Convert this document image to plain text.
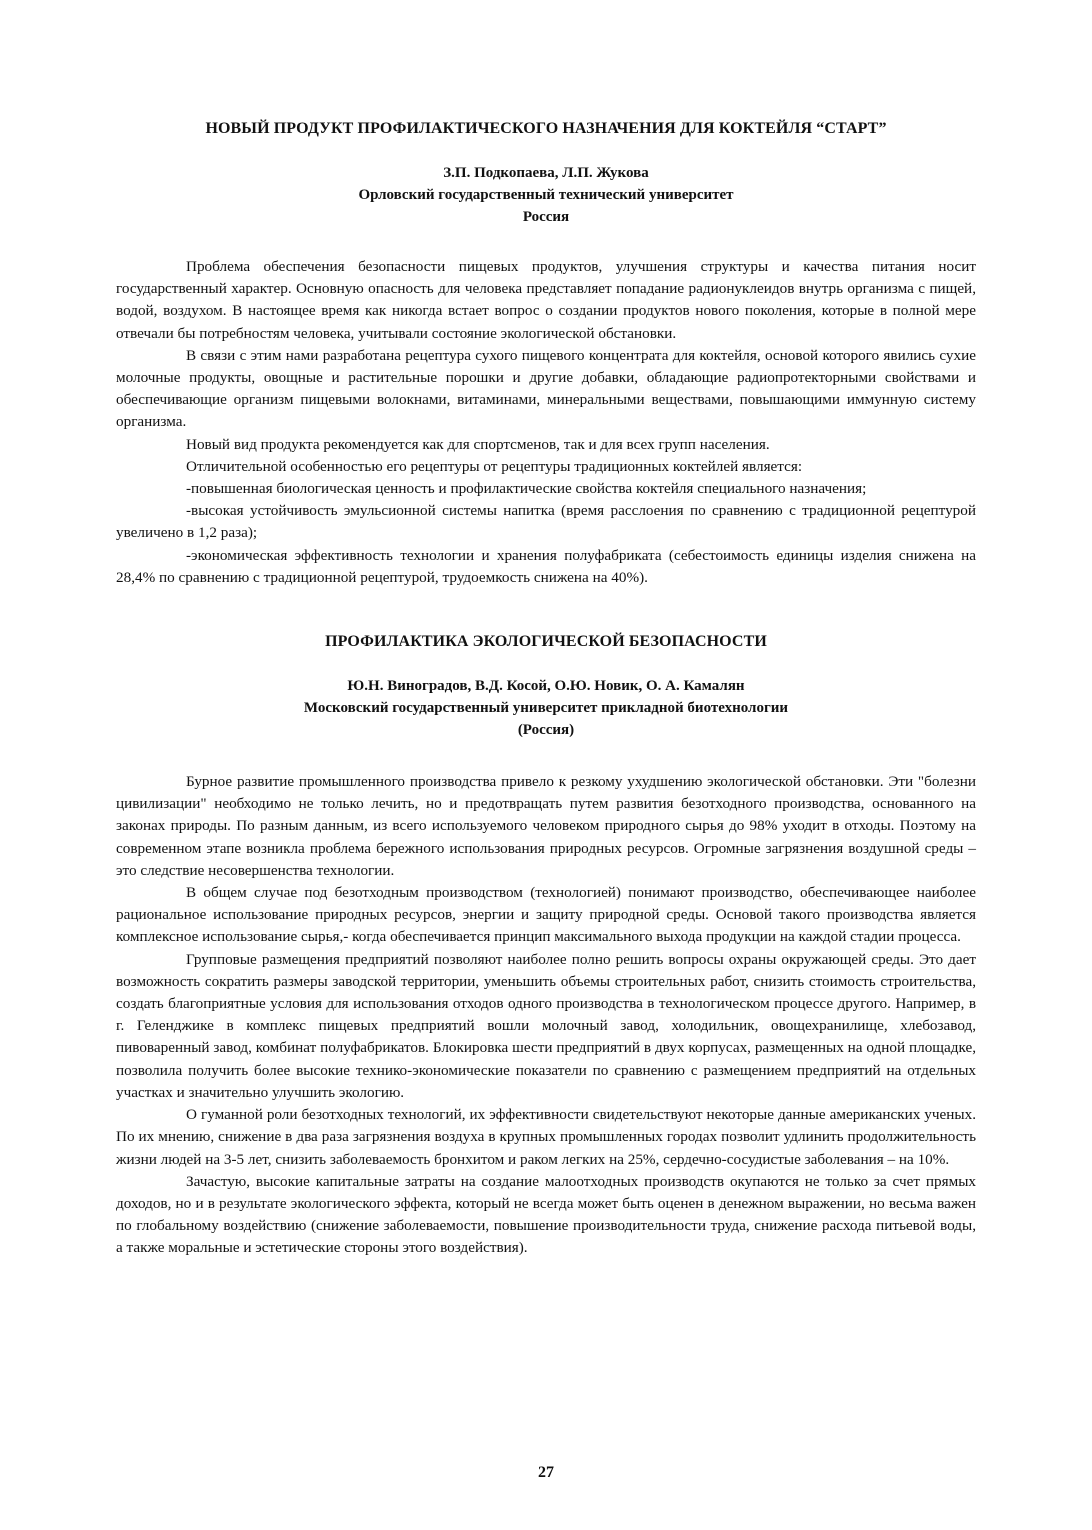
НОВЫЙ ПРОДУКТ ПРОФИЛАКТИЧЕСКОГО НАЗНАЧЕНИЯ ДЛЯ КОКТЕЙЛЯ “СТАРТ”

З.П. Подкопаева, Л.П. Жукова

Орловский государственный технический университет

Россия

Проблема обеспечения безопасности пищевых продуктов, улучшения структуры и качества питания носит государственный характер. Основную опасность для человека представляет попадание радионуклеидов внутрь организма с пищей, водой, воздухом. В настоящее время как никогда встает вопрос о создании продуктов нового поколения, которые в полной мере отвечали бы потребностям человека, учитывали состояние экологической обстановки.

В связи с этим нами разработана рецептура сухого пищевого концентрата для коктейля, основой которого явились сухие молочные продукты, овощные и растительные порошки и другие добавки, обладающие радиопротекторными свойствами и обеспечивающие организм пищевыми волокнами, витаминами, минеральными веществами, повышающими иммунную систему организма.

Новый вид продукта рекомендуется как для спортсменов, так и для всех групп населения.

Отличительной особенностью его рецептуры от рецептуры традиционных коктейлей является:

-повышенная биологическая ценность и профилактические свойства коктейля специального назначения;

-высокая устойчивость эмульсионной системы напитка (время расслоения по сравнению с традиционной рецептурой увеличено в 1,2 раза);

-экономическая эффективность технологии и хранения полуфабриката (себестоимость единицы изделия снижена на 28,4% по сравнению с традиционной рецептурой, трудоемкость снижена на 40%).

ПРОФИЛАКТИКА ЭКОЛОГИЧЕСКОЙ БЕЗОПАСНОСТИ

Ю.Н. Виноградов, В.Д. Косой, О.Ю. Новик, О. А. Камалян

Московский государственный университет прикладной биотехнологии

(Россия)

Бурное развитие промышленного производства привело к резкому ухудшению экологической обстановки. Эти "болезни цивилизации" необходимо не только лечить, но и предотвращать путем развития безотходного производства, основанного на законах природы. По разным данным, из всего используемого человеком природного сырья до 98% уходит в отходы. Поэтому на современном этапе возникла проблема бережного использования природных ресурсов. Огромные загрязнения воздушной среды – это следствие несовершенства технологии.

В общем случае под безотходным производством (технологией) понимают производство, обеспечивающее наиболее рациональное использование природных ресурсов, энергии и защиту природной среды. Основой такого производства является комплексное использование сырья,- когда обеспечивается принцип максимального выхода продукции на каждой стадии процесса.

Групповые размещения предприятий позволяют наиболее полно решить вопросы охраны окружающей среды. Это дает возможность сократить размеры заводской территории, уменьшить объемы строительных работ, снизить стоимость строительства, создать благоприятные условия для использования отходов одного производства в технологическом процессе другого. Например, в г. Геленджике в комплекс пищевых предприятий вошли молочный завод, холодильник, овощехранилище, хлебозавод, пивоваренный завод, комбинат полуфабрикатов. Блокировка шести предприятий в двух корпусах, размещенных на одной площадке, позволила получить более высокие технико-экономические показатели по сравнению с размещением предприятий на отдельных участках и значительно улучшить экологию.

О гуманной роли безотходных технологий, их эффективности свидетельствуют некоторые данные американских ученых. По их мнению, снижение в два раза загрязнения воздуха в крупных промышленных городах позволит удлинить продолжительность жизни людей на 3-5 лет, снизить заболеваемость бронхитом и раком легких на 25%, сердечно-сосудистые заболевания – на 10%.

Зачастую, высокие капитальные затраты на создание малоотходных производств окупаются не только за счет прямых доходов, но и в результате экологического эффекта, который не всегда может быть оценен в денежном выражении, но весьма важен по глобальному воздействию (снижение заболеваемости, повышение производительности труда, снижение расхода питьевой воды, а также моральные и эстетические стороны этого воздействия).

27
